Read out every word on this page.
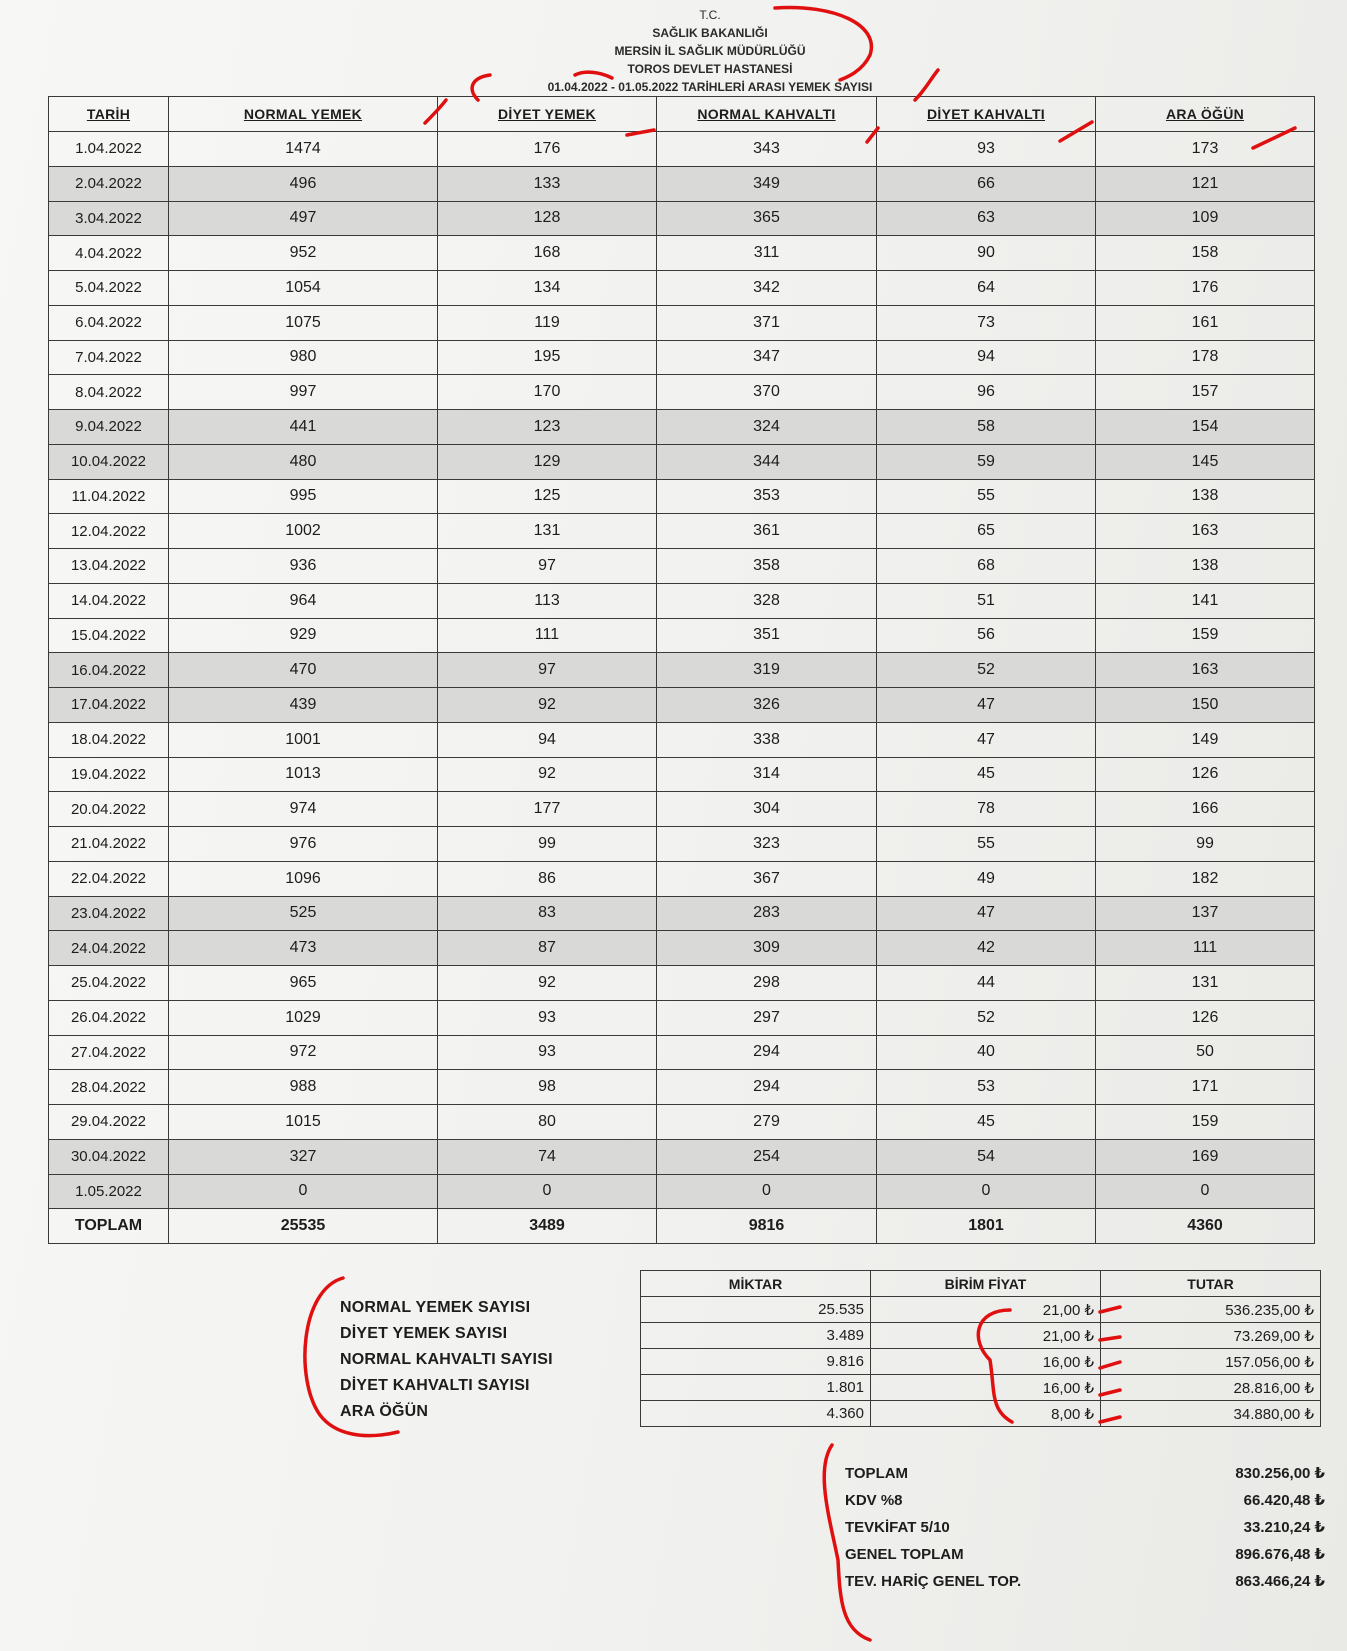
T.C.
SAĞLIK BAKANLIĞI
MERSİN İL SAĞLIK MÜDÜRLÜĞÜ
TOROS DEVLET HASTANESİ
01.04.2022 - 01.05.2022 TARİHLERİ ARASI YEMEK SAYISI
TARİH	NORMAL YEMEK	DİYET YEMEK	NORMAL KAHVALTI	DİYET KAHVALTI	ARA ÖĞÜN
1.04.2022	1474	176	343	93	173
2.04.2022	496	133	349	66	121
3.04.2022	497	128	365	63	109
4.04.2022	952	168	311	90	158
5.04.2022	1054	134	342	64	176
6.04.2022	1075	119	371	73	161
7.04.2022	980	195	347	94	178
8.04.2022	997	170	370	96	157
9.04.2022	441	123	324	58	154
10.04.2022	480	129	344	59	145
11.04.2022	995	125	353	55	138
12.04.2022	1002	131	361	65	163
13.04.2022	936	97	358	68	138
14.04.2022	964	113	328	51	141
15.04.2022	929	111	351	56	159
16.04.2022	470	97	319	52	163
17.04.2022	439	92	326	47	150
18.04.2022	1001	94	338	47	149
19.04.2022	1013	92	314	45	126
20.04.2022	974	177	304	78	166
21.04.2022	976	99	323	55	99
22.04.2022	1096	86	367	49	182
23.04.2022	525	83	283	47	137
24.04.2022	473	87	309	42	111
25.04.2022	965	92	298	44	131
26.04.2022	1029	93	297	52	126
27.04.2022	972	93	294	40	50
28.04.2022	988	98	294	53	171
29.04.2022	1015	80	279	45	159
30.04.2022	327	74	254	54	169
1.05.2022	0	0	0	0	0
TOPLAM	25535	3489	9816	1801	4360
NORMAL YEMEK SAYISI
DİYET YEMEK SAYISI
NORMAL KAHVALTI SAYISI
DİYET KAHVALTI SAYISI
ARA ÖĞÜN
MİKTAR	BİRİM FİYAT	TUTAR
25.535	21,00 ₺	536.235,00 ₺
3.489	21,00 ₺	73.269,00 ₺
9.816	16,00 ₺	157.056,00 ₺
1.801	16,00 ₺	28.816,00 ₺
4.360	8,00 ₺	34.880,00 ₺
TOPLAM	830.256,00 ₺
KDV %8	66.420,48 ₺
TEVKİFAT 5/10	33.210,24 ₺
GENEL TOPLAM	896.676,48 ₺
TEV. HARİÇ GENEL TOP.	863.466,24 ₺
